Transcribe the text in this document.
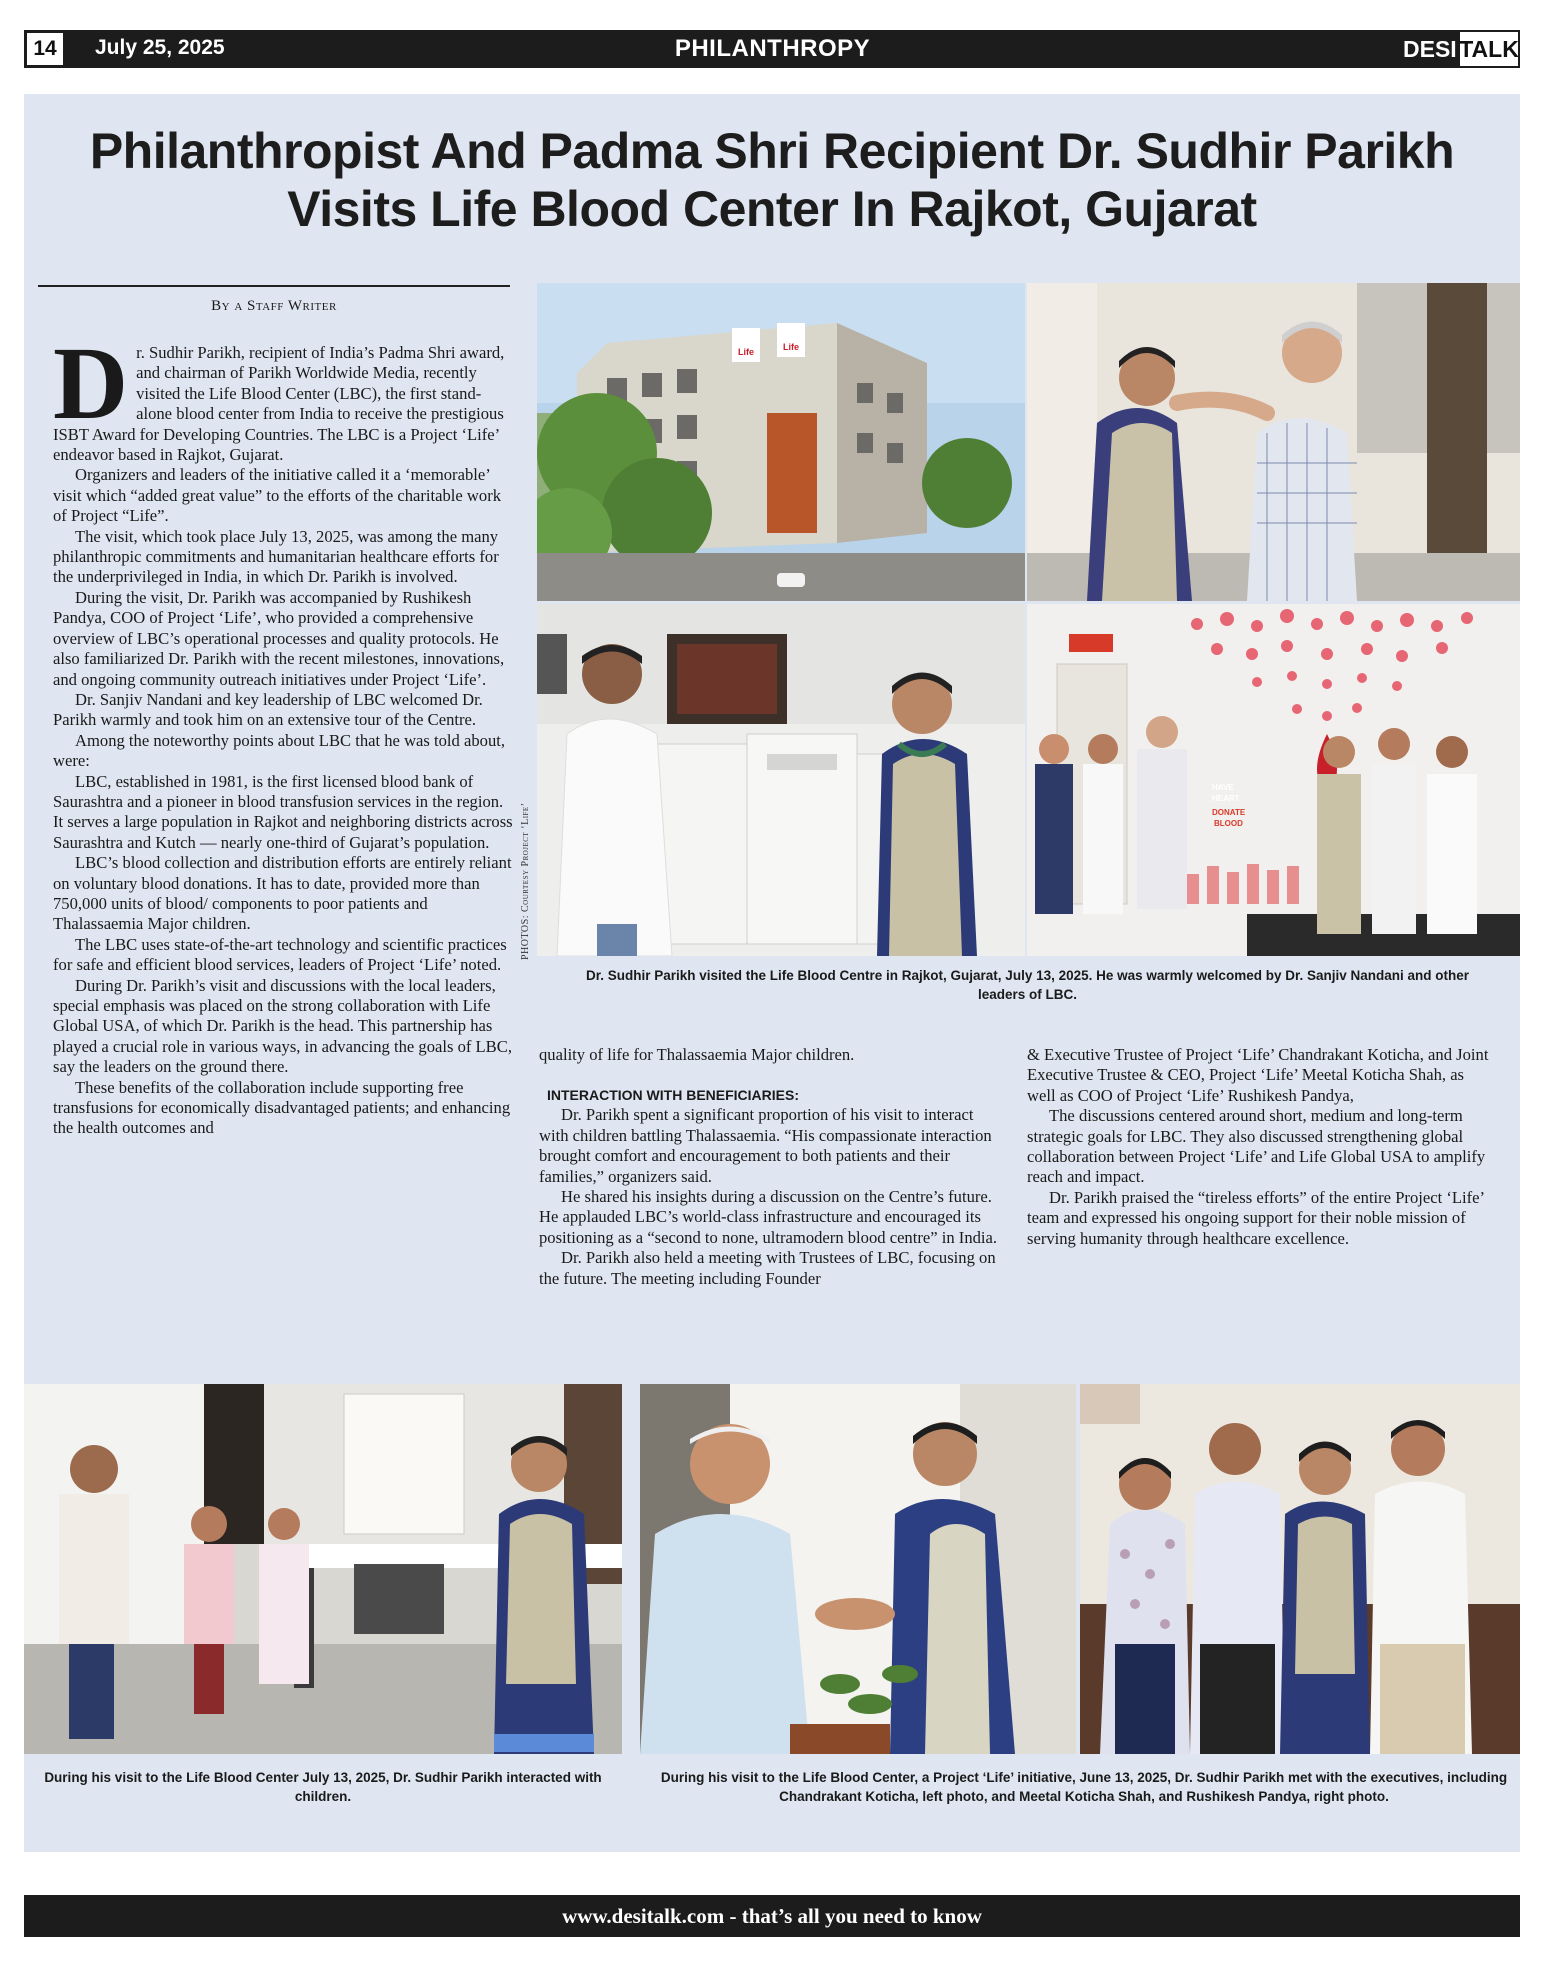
14	July 25, 2025	PHILANTHROPY	DESI TALK
Philanthropist And Padma Shri Recipient Dr. Sudhir Parikh
Visits Life Blood Center In Rajkot, Gujarat
By a Staff Writer

Dr. Sudhir Parikh, recipient of India’s Padma Shri award, and chairman of Parikh Worldwide Media, recently visited the Life Blood Center (LBC), the first stand-alone blood center from India to receive the prestigious ISBT Award for Developing Countries. The LBC is a Project ‘Life’ endeavor based in Rajkot, Gujarat.

Organizers and leaders of the initiative called it a ‘memorable’ visit which “added great value” to the efforts of the charitable work of Project “Life”.

The visit, which took place July 13, 2025, was among the many philanthropic commitments and humanitarian healthcare efforts for the underprivileged in India, in which Dr. Parikh is involved.

During the visit, Dr. Parikh was accompanied by Rushikesh Pandya, COO of Project ‘Life’, who provided a comprehensive overview of LBC’s operational processes and quality protocols. He also familiarized Dr. Parikh with the recent milestones, innovations, and ongoing community outreach initiatives under Project ‘Life’.

Dr. Sanjiv Nandani and key leadership of LBC welcomed Dr. Parikh warmly and took him on an extensive tour of the Centre.

Among the noteworthy points about LBC that he was told about, were:

LBC, established in 1981, is the first licensed blood bank of Saurashtra and a pioneer in blood transfusion services in the region. It serves a large population in Rajkot and neighboring districts across Saurashtra and Kutch — nearly one-third of Gujarat’s population.

LBC’s blood collection and distribution efforts are entirely reliant on voluntary blood donations. It has to date, provided more than 750,000 units of blood/ components to poor patients and Thalassaemia Major children.

The LBC uses state-of-the-art technology and scientific practices for safe and efficient blood services, leaders of Project ‘Life’ noted.

During Dr. Parikh’s visit and discussions with the local leaders, special emphasis was placed on the strong collaboration with Life Global USA, of which Dr. Parikh is the head. This partnership has played a crucial role in various ways, in advancing the goals of LBC, say the leaders on the ground there.

These benefits of the collaboration include supporting free transfusions for economically disadvantaged patients; and enhancing the health outcomes and

quality of life for Thalassaemia Major children.

INTERACTION WITH BENEFICIARIES:

Dr. Parikh spent a significant proportion of his visit to interact with children battling Thalassaemia. “His compassionate interaction brought comfort and encouragement to both patients and their families,” organizers said.

He shared his insights during a discussion on the Centre’s future. He applauded LBC’s world-class infrastructure and encouraged its positioning as a “second to none, ultramodern blood centre” in India.

Dr. Parikh also held a meeting with Trustees of LBC, focusing on the future. The meeting including Founder

& Executive Trustee of Project ‘Life’ Chandrakant Koticha, and Joint Executive Trustee & CEO, Project ‘Life’ Meetal Koticha Shah, as well as COO of Project ‘Life’ Rushikesh Pandya,

The discussions centered around short, medium and long-term strategic goals for LBC. They also discussed strengthening global collaboration between Project ‘Life’ and Life Global USA to amplify reach and impact.

Dr. Parikh praised the “tireless efforts” of the entire Project ‘Life’ team and expressed his ongoing support for their noble mission of serving humanity through healthcare excellence.

Life	Life
HAVE
HEART
DONATE
BLOOD
PHOTOS: Courtesy Project ‘Life’
Dr. Sudhir Parikh visited the Life Blood Centre in Rajkot, Gujarat, July 13, 2025. He was warmly welcomed by Dr. Sanjiv Nandani and other leaders of LBC.
During his visit to the Life Blood Center July 13, 2025, Dr. Sudhir Parikh interacted with children.
During his visit to the Life Blood Center, a Project ‘Life’ initiative, June 13, 2025, Dr. Sudhir Parikh met with the executives, including Chandrakant Koticha, left photo, and Meetal Koticha Shah, and Rushikesh Pandya, right photo.
www.desitalk.com - that’s all you need to know
